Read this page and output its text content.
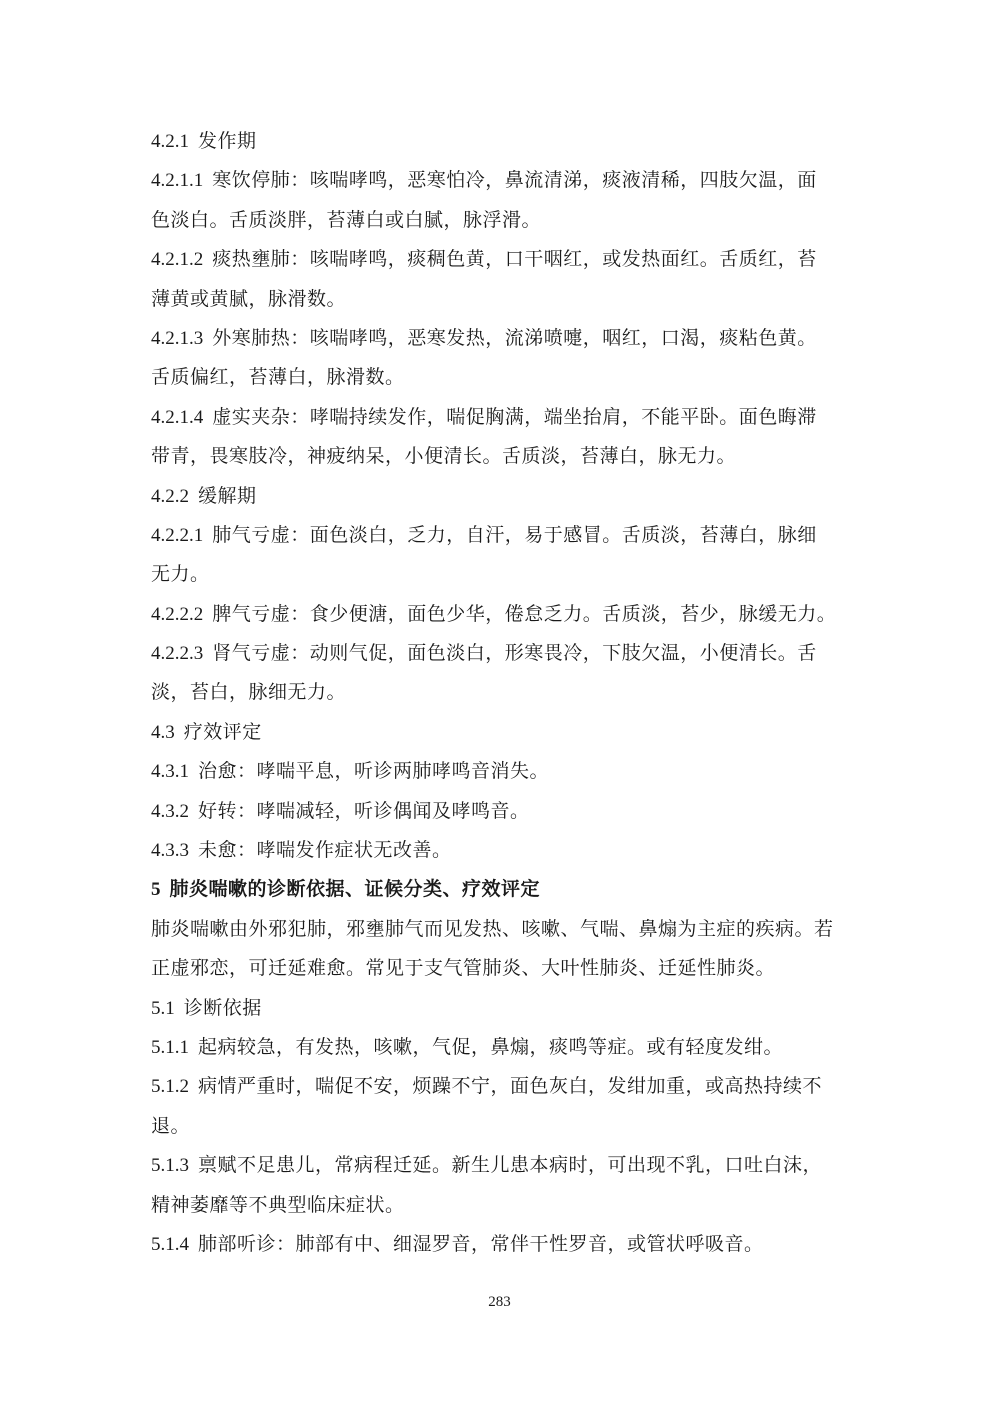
4.2.1 发作期
4.2.1.1 寒饮停肺：咳喘哮鸣，恶寒怕冷，鼻流清涕，痰液清稀，四肢欠温，面
色淡白。舌质淡胖，苔薄白或白腻，脉浮滑。
4.2.1.2 痰热壅肺：咳喘哮鸣，痰稠色黄，口干咽红，或发热面红。舌质红，苔
薄黄或黄腻，脉滑数。
4.2.1.3 外寒肺热：咳喘哮鸣，恶寒发热，流涕喷嚏，咽红，口渴，痰粘色黄。
舌质偏红，苔薄白，脉滑数。
4.2.1.4 虚实夹杂：哮喘持续发作，喘促胸满，端坐抬肩，不能平卧。面色晦滞
带青，畏寒肢冷，神疲纳呆，小便清长。舌质淡，苔薄白，脉无力。
4.2.2 缓解期
4.2.2.1 肺气亏虚：面色淡白，乏力，自汗，易于感冒。舌质淡，苔薄白，脉细
无力。
4.2.2.2 脾气亏虚：食少便溏，面色少华，倦怠乏力。舌质淡，苔少，脉缓无力。
4.2.2.3 肾气亏虚：动则气促，面色淡白，形寒畏冷，下肢欠温，小便清长。舌
淡，苔白，脉细无力。
4.3 疗效评定
4.3.1 治愈：哮喘平息，听诊两肺哮鸣音消失。
4.3.2 好转：哮喘减轻，听诊偶闻及哮鸣音。
4.3.3 未愈：哮喘发作症状无改善。
5 肺炎喘嗽的诊断依据、证候分类、疗效评定
肺炎喘嗽由外邪犯肺，邪壅肺气而见发热、咳嗽、气喘、鼻煽为主症的疾病。若
正虚邪恋，可迁延难愈。常见于支气管肺炎、大叶性肺炎、迁延性肺炎。
5.1 诊断依据
5.1.1 起病较急，有发热，咳嗽，气促，鼻煽，痰鸣等症。或有轻度发绀。
5.1.2 病情严重时，喘促不安，烦躁不宁，面色灰白，发绀加重，或高热持续不
退。
5.1.3 禀赋不足患儿，常病程迁延。新生儿患本病时，可出现不乳，口吐白沫，
精神萎靡等不典型临床症状。
5.1.4 肺部听诊：肺部有中、细湿罗音，常伴干性罗音，或管状呼吸音。
283
